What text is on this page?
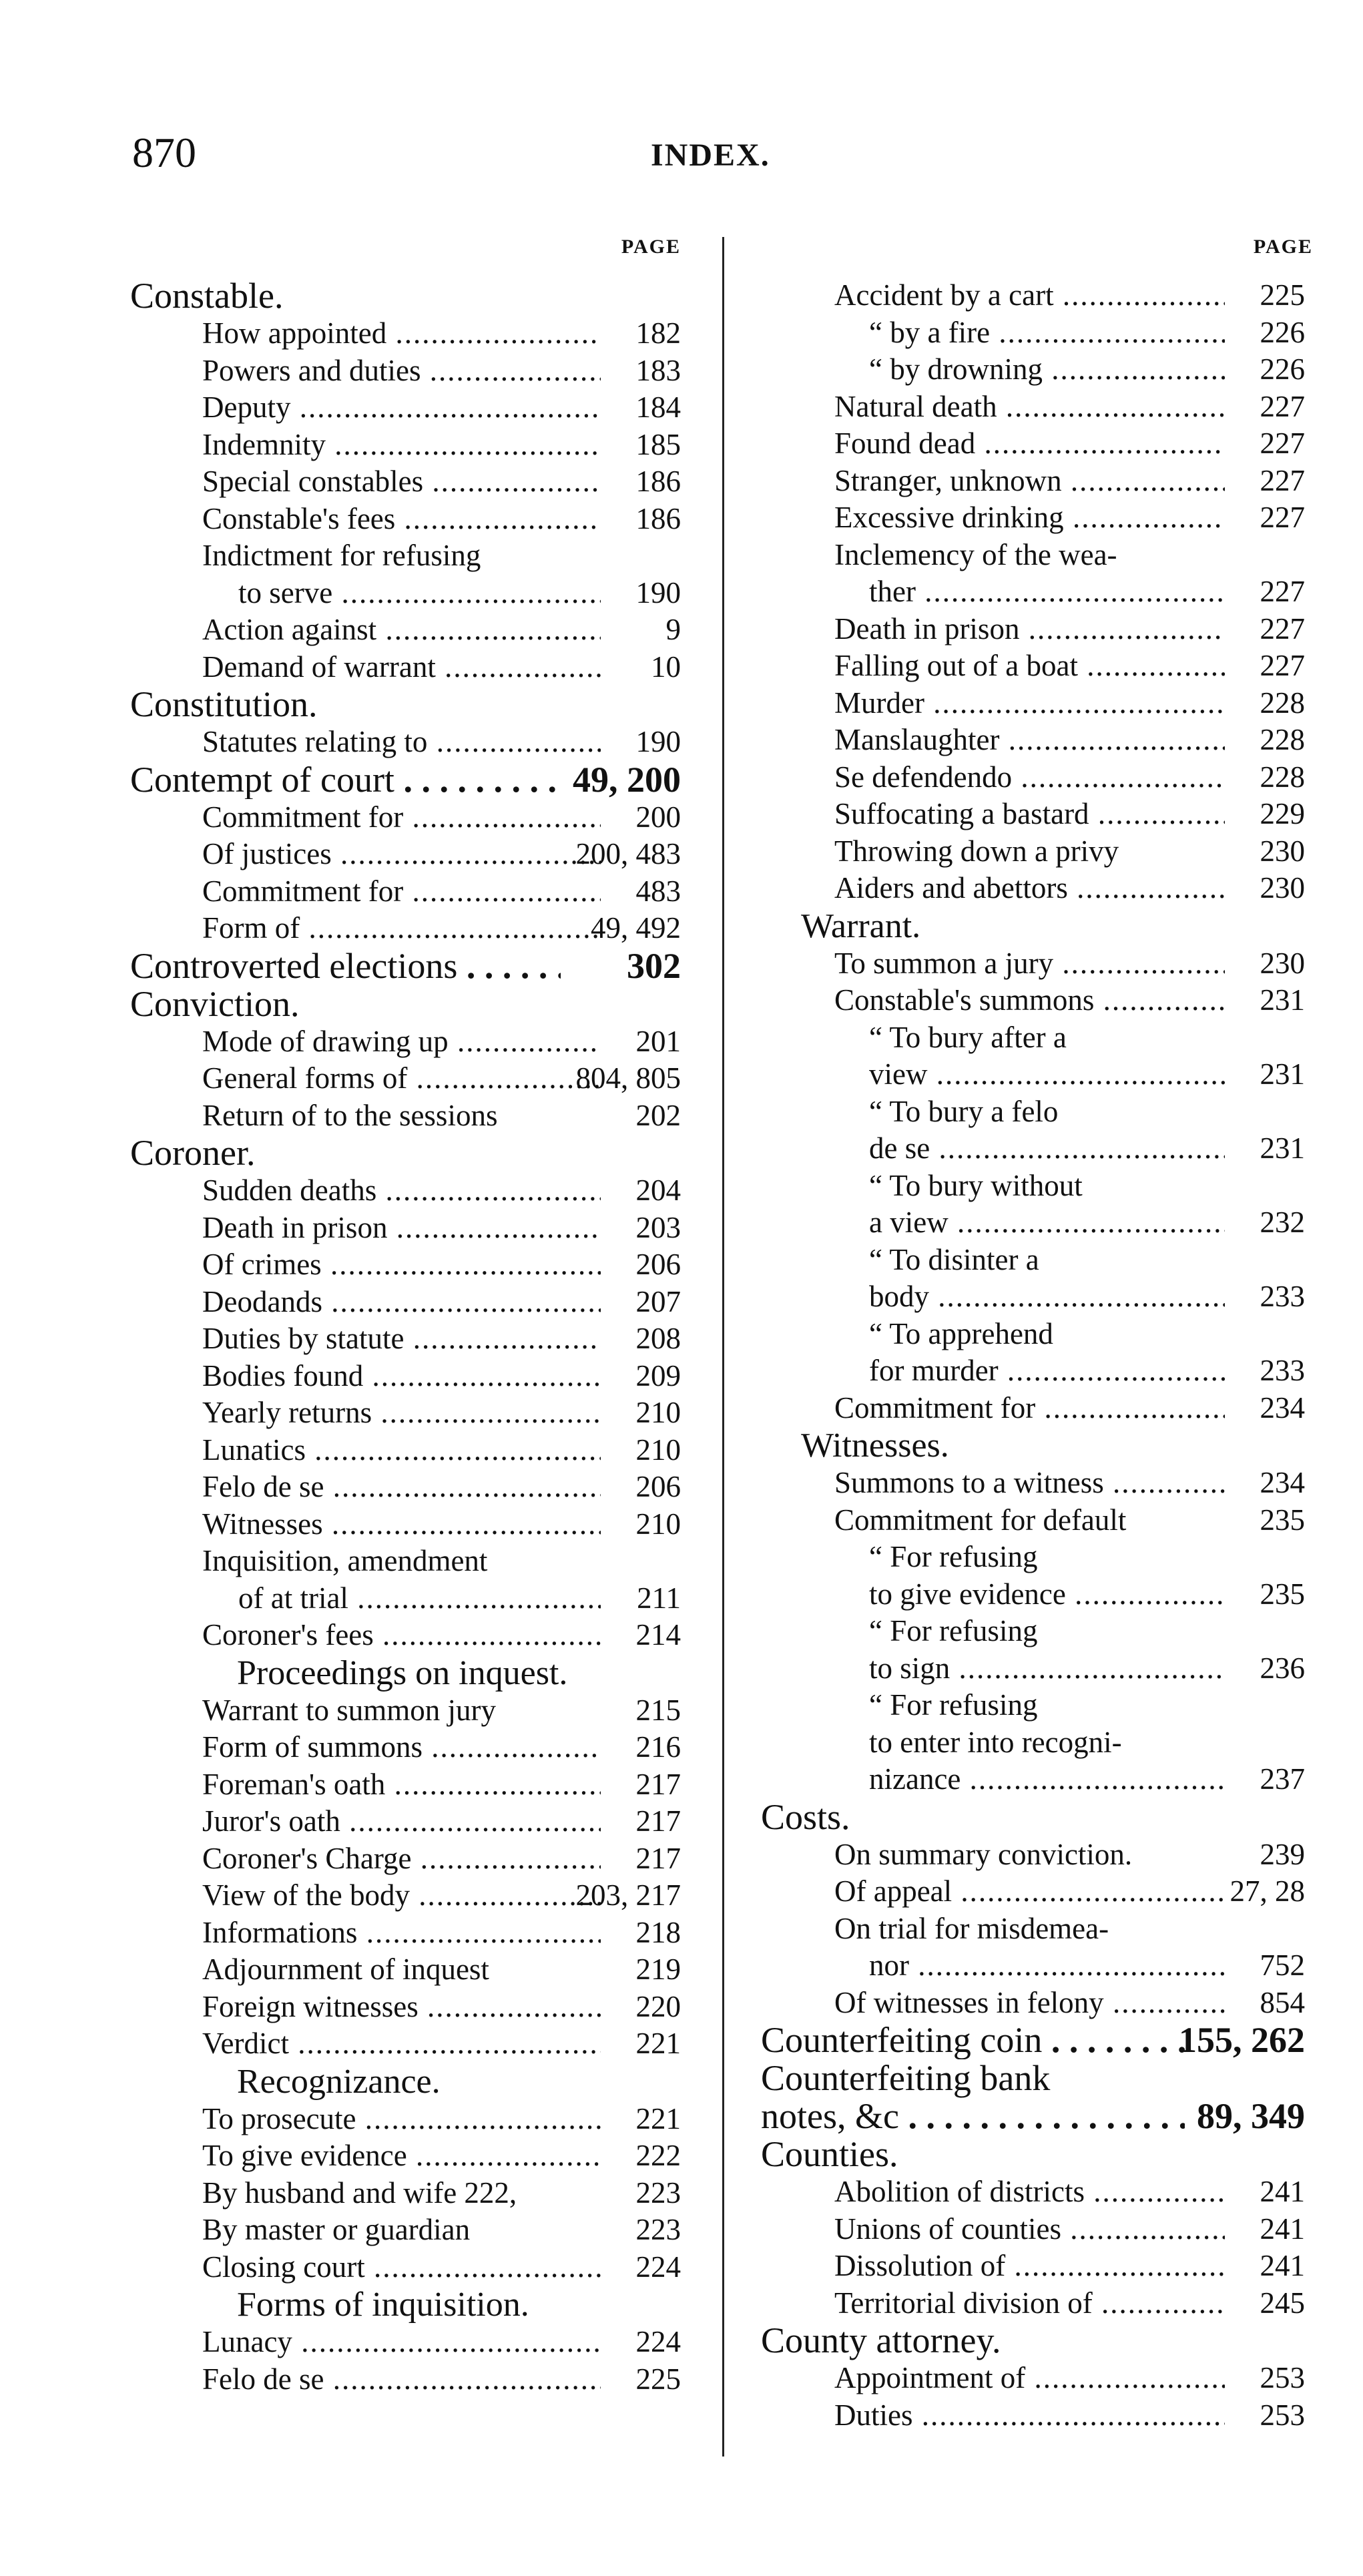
870	INDEX.
PAGE
Constable.
How appointed .....	182
Powers and duties .....	183
Deputy .....	184
Indemnity .....	185
Special constables .....	186
Constable's fees .....	186
Indictment for refusing
to serve .....	190
Action against .....	9
Demand of warrant .....	10
Constitution.
Statutes relating to .....	190
Contempt of court . . .	49, 200
Commitment for .....	200
Of justices .....	200, 483
Commitment for .....	483
Form of .....	49, 492
Controverted elections . . .	302
Conviction.
Mode of drawing up .....	201
General forms of .....	804, 805
Return of to the sessions	202
Coroner.
Sudden deaths .....	204
Death in prison .....	203
Of crimes .....	206
Deodands .....	207
Duties by statute .....	208
Bodies found .....	209
Yearly returns .....	210
Lunatics .....	210
Felo de se .....	206
Witnesses .....	210
Inquisition, amendment
of at trial .....	211
Coroner's fees .....	214
Proceedings on inquest.
Warrant to summon jury	215
Form of summons .....	216
Foreman's oath .....	217
Juror's oath .....	217
Coroner's Charge .....	217
View of the body .....	203, 217
Informations .....	218
Adjournment of inquest	219
Foreign witnesses .....	220
Verdict .....	221
Recognizance.
To prosecute .....	221
To give evidence .....	222
By husband and wife 222,	223
By master or guardian	223
Closing court .....	224
Forms of inquisition.
Lunacy .....	224
Felo de se .....	225
PAGE
Accident by a cart .....	225
“ by a fire .....	226
“ by drowning .....	226
Natural death .....	227
Found dead .....	227
Stranger, unknown .....	227
Excessive drinking .....	227
Inclemency of the wea-
ther .....	227
Death in prison .....	227
Falling out of a boat .....	227
Murder .....	228
Manslaughter .....	228
Se defendendo .....	228
Suffocating a bastard .....	229
Throwing down a privy	230
Aiders and abettors .....	230
Warrant.
To summon a jury .....	230
Constable's summons .....	231
“ To bury after a
view .....	231
“ To bury a felo
de se .....	231
“ To bury without
a view .....	232
“ To disinter a
body .....	233
“ To apprehend
for murder .....	233
Commitment for .....	234
Witnesses.
Summons to a witness .....	234
Commitment for default	235
“ For refusing
to give evidence .....	235
“ For refusing
to sign .....	236
“ For refusing
to enter into recogni-
nizance .....	237
Costs.
On summary conviction.	239
Of appeal .....	27, 28
On trial for misdemea-
nor .....	752
Of witnesses in felony .....	854
Counterfeiting coin . . .	155, 262
Counterfeiting bank
notes, &c . . .	89, 349
Counties.
Abolition of districts .....	241
Unions of counties .....	241
Dissolution of .....	241
Territorial division of .....	245
County attorney.
Appointment of .....	253
Duties .....	253
